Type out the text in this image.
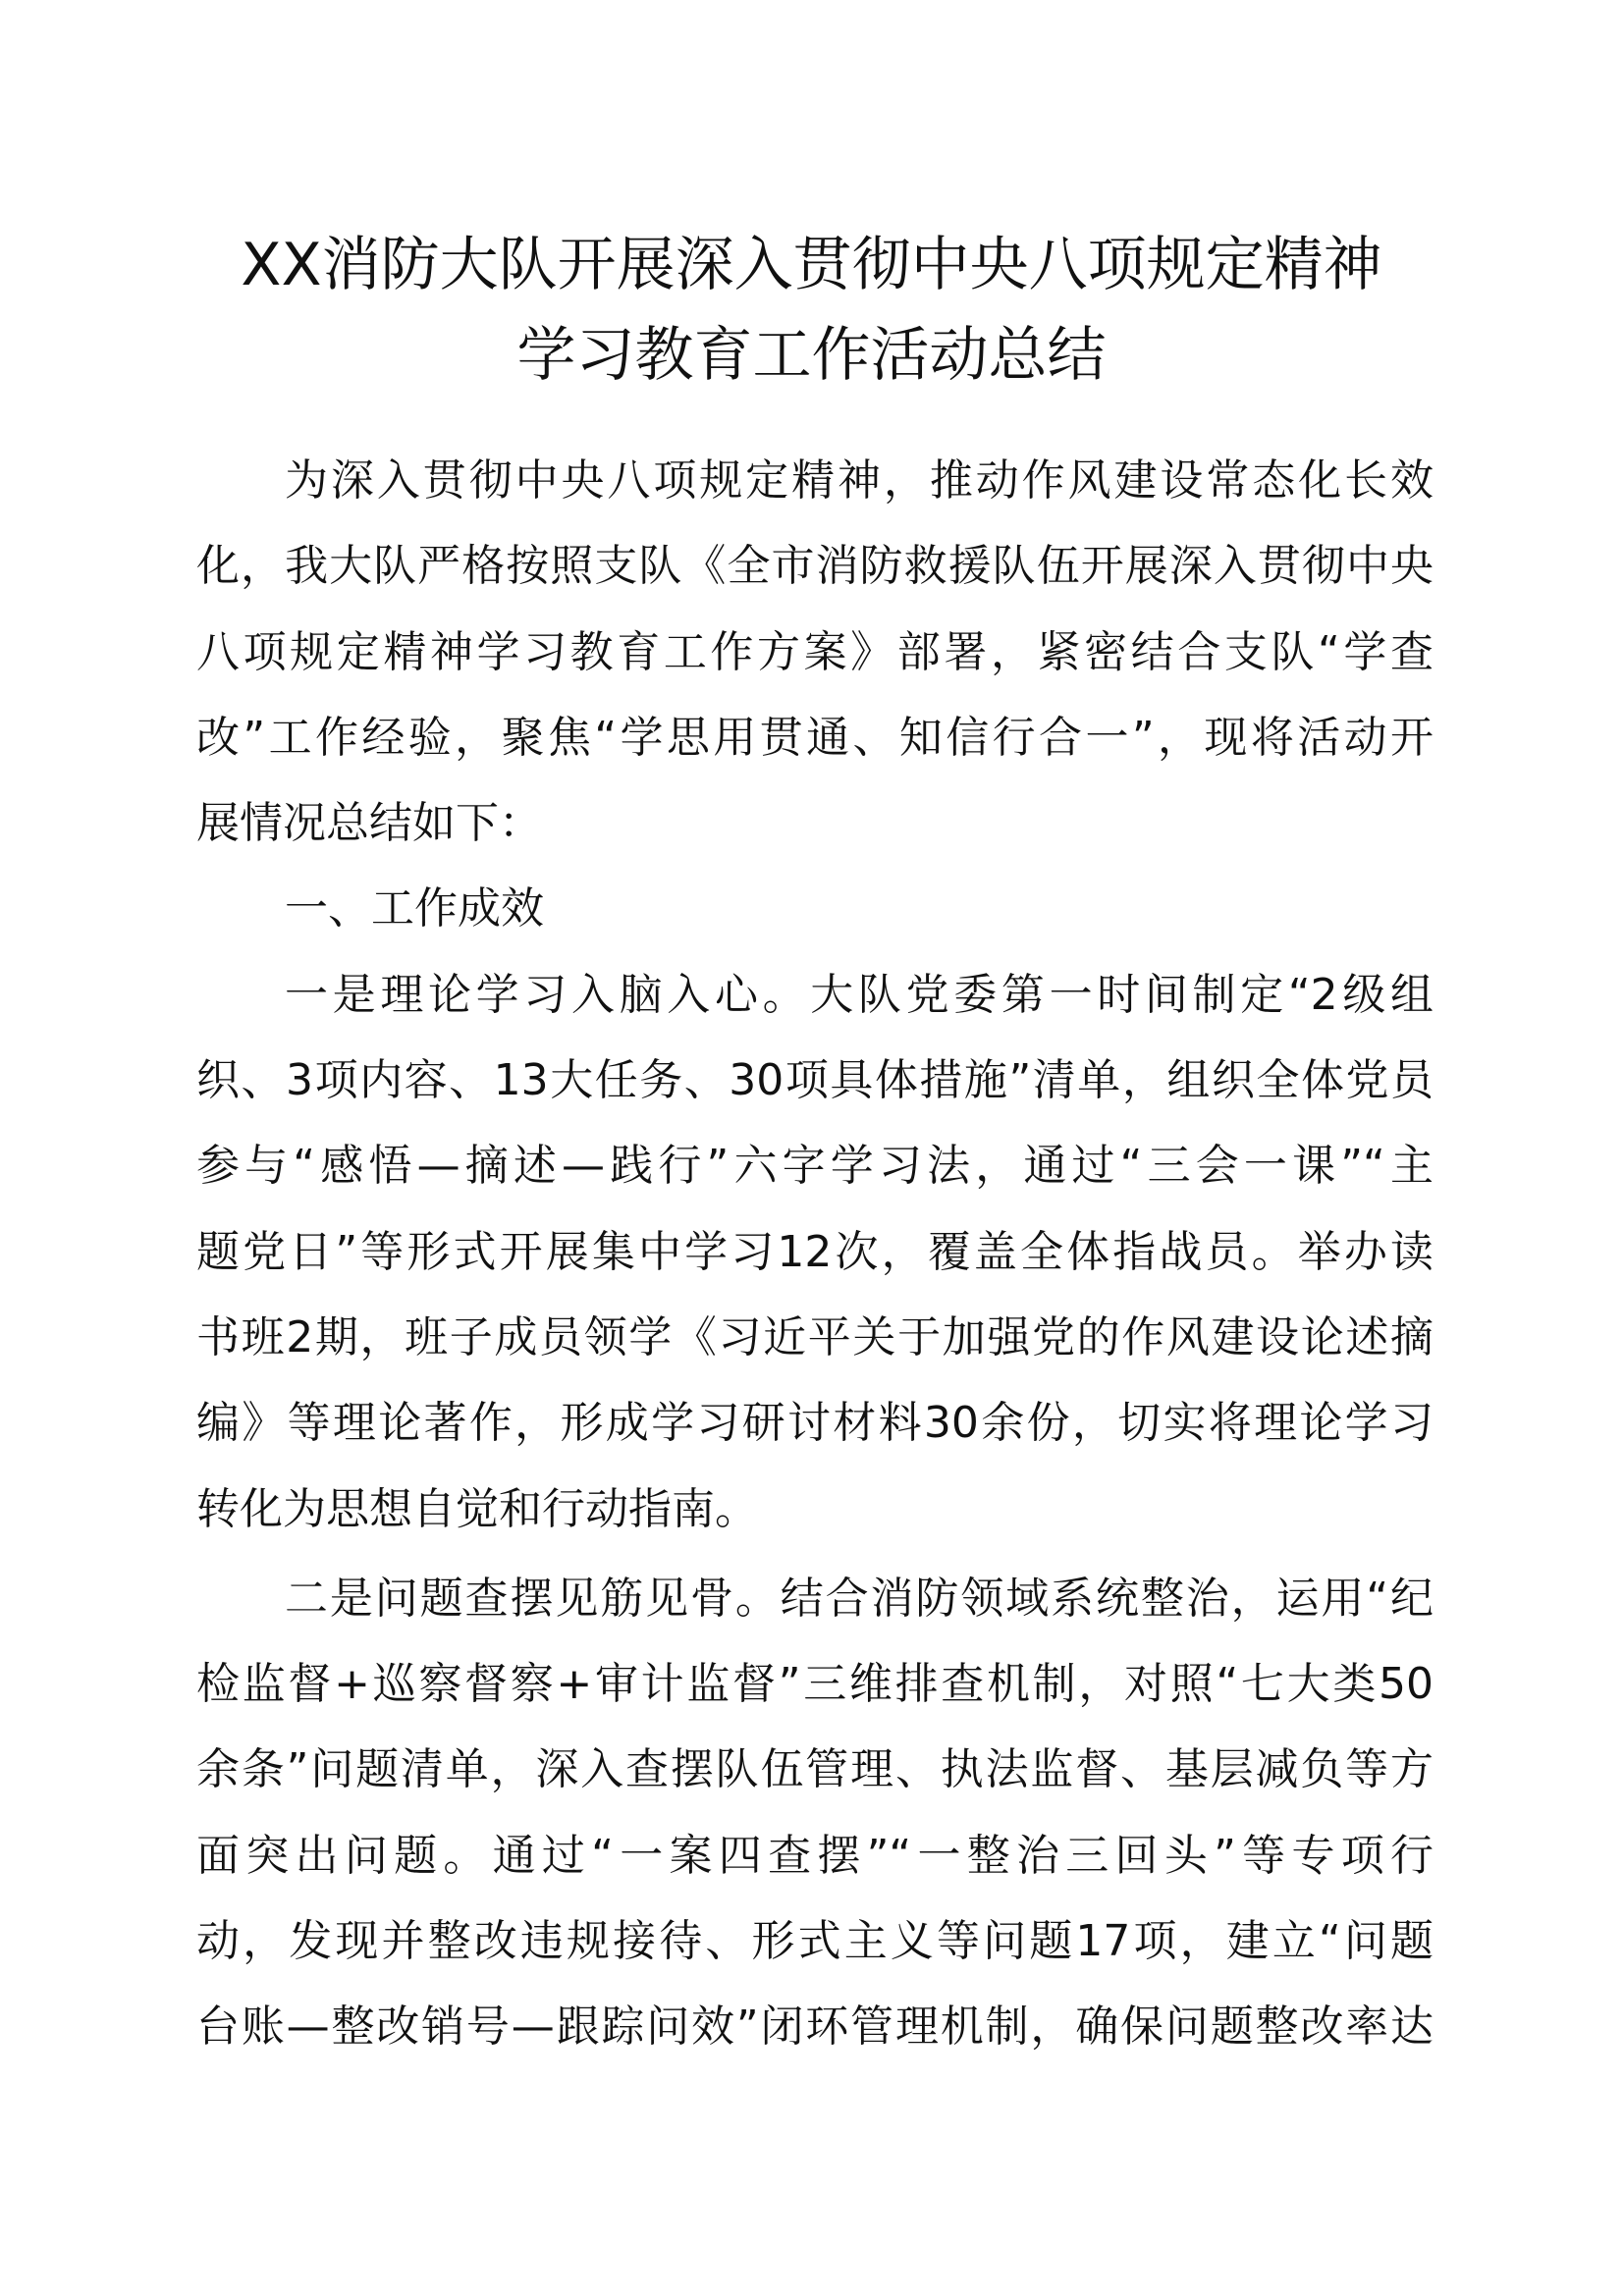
XX消防大队开展深入贯彻中央八项规定精神
学习教育工作活动总结
为深入贯彻中央八项规定精神，推动作风建设常态化长效
化，我大队严格按照支队《全市消防救援队伍开展深入贯彻中央
八项规定精神学习教育工作方案》部署，紧密结合支队“学查
改”工作经验，聚焦“学思用贯通、知信行合一”，现将活动开
展情况总结如下：
一、工作成效
一是理论学习入脑入心。大队党委第一时间制定“2级组
织、3项内容、13大任务、30项具体措施”清单，组织全体党员
参与“感悟—摘述—践行”六字学习法，通过“三会一课”“主
题党日”等形式开展集中学习12次，覆盖全体指战员。举办读
书班2期，班子成员领学《习近平关于加强党的作风建设论述摘
编》等理论著作，形成学习研讨材料30余份，切实将理论学习
转化为思想自觉和行动指南。
二是问题查摆见筋见骨。结合消防领域系统整治，运用“纪
检监督+巡察督察+审计监督”三维排查机制，对照“七大类50
余条”问题清单，深入查摆队伍管理、执法监督、基层减负等方
面突出问题。通过“一案四查摆”“一整治三回头”等专项行
动，发现并整改违规接待、形式主义等问题17项，建立“问题
台账—整改销号—跟踪问效”闭环管理机制，确保问题整改率达
